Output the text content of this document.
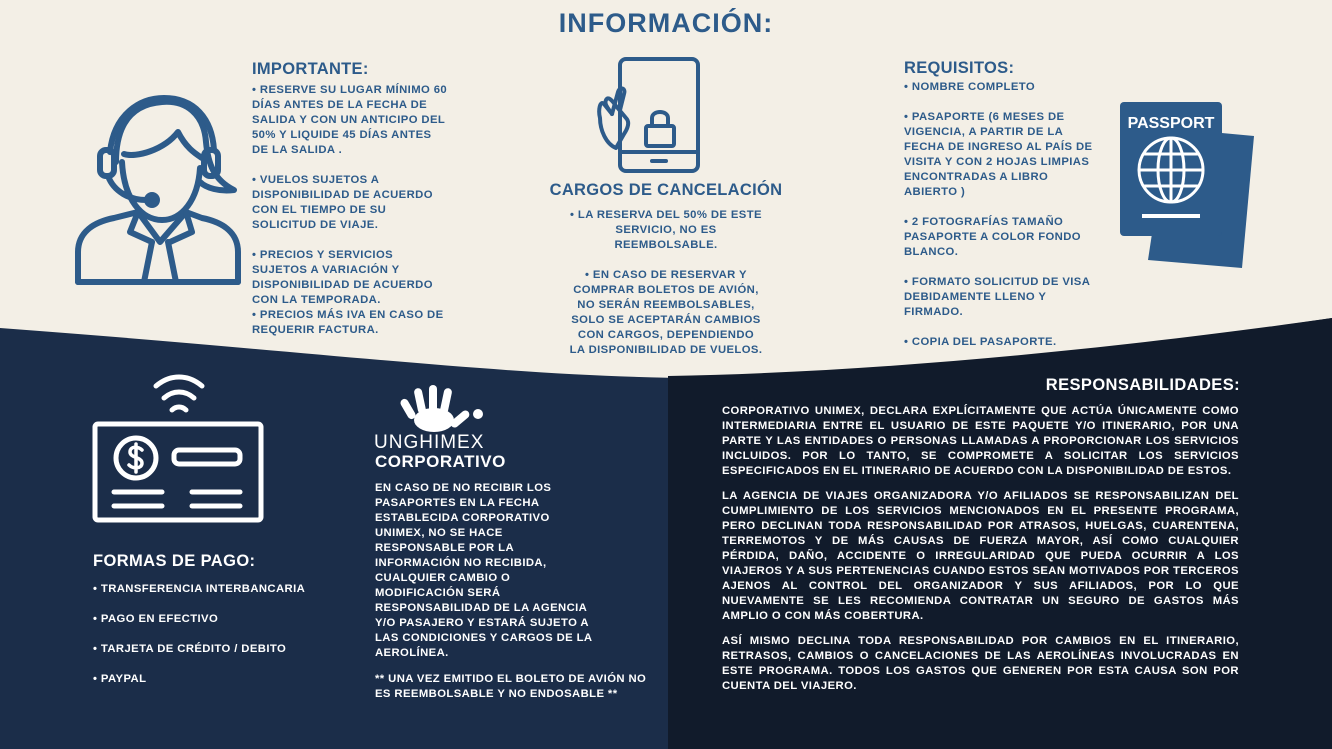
INFORMACIÓN:
IMPORTANTE:
• RESERVE SU LUGAR MÍNIMO 60
DÍAS ANTES DE LA FECHA DE
SALIDA Y CON UN ANTICIPO DEL
50% Y LIQUIDE 45 DÍAS ANTES
DE LA SALIDA .

• VUELOS SUJETOS A
DISPONIBILIDAD DE ACUERDO
CON EL TIEMPO DE SU
SOLICITUD DE VIAJE.

• PRECIOS Y SERVICIOS
SUJETOS A VARIACIÓN Y
DISPONIBILIDAD DE ACUERDO
CON LA TEMPORADA.
• PRECIOS MÁS IVA EN CASO DE
REQUERIR FACTURA.
CARGOS DE CANCELACIÓN
• LA RESERVA DEL 50% DE ESTE
SERVICIO, NO ES
REEMBOLSABLE.

• EN CASO DE RESERVAR Y
COMPRAR BOLETOS DE AVIÓN,
NO SERÁN REEMBOLSABLES,
SOLO SE ACEPTARÁN CAMBIOS
CON CARGOS, DEPENDIENDO
LA DISPONIBILIDAD DE VUELOS.
REQUISITOS:
• NOMBRE COMPLETO

• PASAPORTE (6 MESES DE
VIGENCIA, A PARTIR DE LA
FECHA DE INGRESO AL PAÍS DE
VISITA Y CON 2 HOJAS LIMPIAS
ENCONTRADAS A LIBRO
ABIERTO )

• 2 FOTOGRAFÍAS TAMAÑO
PASAPORTE A COLOR FONDO
BLANCO.

• FORMATO SOLICITUD DE VISA
DEBIDAMENTE LLENO Y
FIRMADO.

• COPIA DEL PASAPORTE.
PASSPORT
FORMAS DE PAGO:
• TRANSFERENCIA INTERBANCARIA
• PAGO EN EFECTIVO
• TARJETA DE CRÉDITO / DEBITO
• PAYPAL
UNGHIMEX
CORPORATIVO
EN CASO DE NO RECIBIR LOS
PASAPORTES EN LA FECHA
ESTABLECIDA CORPORATIVO
UNIMEX, NO SE HACE
RESPONSABLE POR LA
INFORMACIÓN NO RECIBIDA,
CUALQUIER CAMBIO O
MODIFICACIÓN SERÁ
RESPONSABILIDAD DE LA AGENCIA
Y/O PASAJERO Y ESTARÁ SUJETO A
LAS CONDICIONES Y CARGOS DE LA
AEROLÍNEA.
** UNA VEZ EMITIDO EL BOLETO DE AVIÓN NO
ES REEMBOLSABLE Y NO ENDOSABLE **
RESPONSABILIDADES:
CORPORATIVO UNIMEX, DECLARA EXPLÍCITAMENTE QUE ACTÚA ÚNICAMENTE COMO INTERMEDIARIA ENTRE EL USUARIO DE ESTE PAQUETE Y/O ITINERARIO, POR UNA PARTE Y LAS ENTIDADES O PERSONAS LLAMADAS A PROPORCIONAR LOS SERVICIOS INCLUIDOS. POR LO TANTO, SE COMPROMETE A SOLICITAR LOS SERVICIOS ESPECIFICADOS EN EL ITINERARIO DE ACUERDO CON LA DISPONIBILIDAD DE ESTOS.
LA AGENCIA DE VIAJES ORGANIZADORA Y/O AFILIADOS SE RESPONSABILIZAN DEL CUMPLIMIENTO DE LOS SERVICIOS MENCIONADOS EN EL PRESENTE PROGRAMA, PERO DECLINAN TODA RESPONSABILIDAD POR ATRASOS, HUELGAS, CUARENTENA, TERREMOTOS Y DE MÁS CAUSAS DE FUERZA MAYOR, ASÍ COMO CUALQUIER PÉRDIDA, DAÑO, ACCIDENTE O IRREGULARIDAD QUE PUEDA OCURRIR A LOS VIAJEROS Y A SUS PERTENENCIAS CUANDO ESTOS SEAN MOTIVADOS POR TERCEROS AJENOS AL CONTROL DEL ORGANIZADOR Y SUS AFILIADOS, POR LO QUE NUEVAMENTE SE LES RECOMIENDA CONTRATAR UN SEGURO DE GASTOS MÁS AMPLIO O CON MÁS COBERTURA.
ASÍ MISMO DECLINA TODA RESPONSABILIDAD POR CAMBIOS EN EL ITINERARIO, RETRASOS, CAMBIOS O CANCELACIONES DE LAS AEROLÍNEAS INVOLUCRADAS EN ESTE PROGRAMA. TODOS LOS GASTOS QUE GENEREN POR ESTA CAUSA SON POR CUENTA DEL VIAJERO.
